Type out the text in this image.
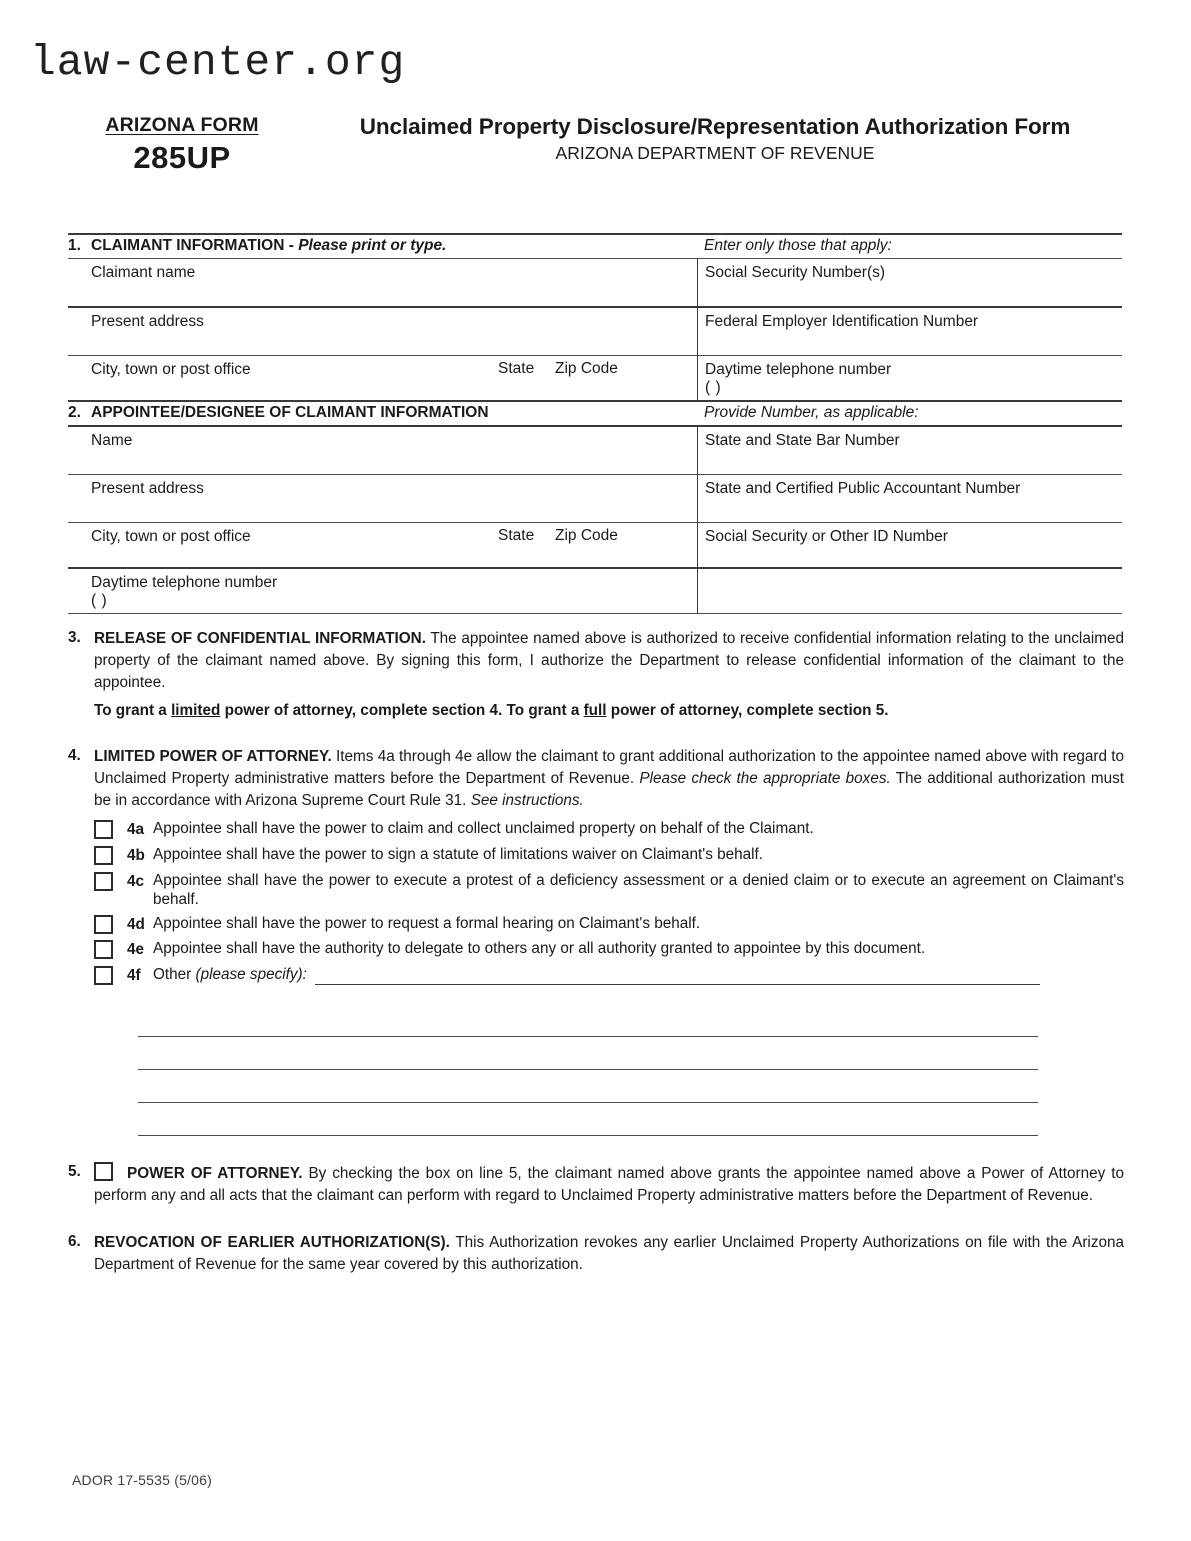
law-center.org
ARIZONA FORM
285UP
Unclaimed Property Disclosure/Representation Authorization Form
ARIZONA DEPARTMENT OF REVENUE
1. CLAIMANT INFORMATION - Please print or type.	Enter only those that apply:
Claimant name	Social Security Number(s)
Present address	Federal Employer Identification Number
City, town or post office	State Zip Code	Daytime telephone number
( )
2. APPOINTEE/DESIGNEE OF CLAIMANT INFORMATION	Provide Number, as applicable:
Name	State and State Bar Number
Present address	State and Certified Public Accountant Number
City, town or post office	State Zip Code	Social Security or Other ID Number
Daytime telephone number
( )
3. RELEASE OF CONFIDENTIAL INFORMATION. The appointee named above is authorized to receive confidential information relating to the unclaimed property of the claimant named above. By signing this form, I authorize the Department to release confidential information of the claimant to the appointee.
To grant a limited power of attorney, complete section 4. To grant a full power of attorney, complete section 5.
4. LIMITED POWER OF ATTORNEY. Items 4a through 4e allow the claimant to grant additional authorization to the appointee named above with regard to Unclaimed Property administrative matters before the Department of Revenue. Please check the appropriate boxes. The additional authorization must be in accordance with Arizona Supreme Court Rule 31. See instructions.
4a Appointee shall have the power to claim and collect unclaimed property on behalf of the Claimant.
4b Appointee shall have the power to sign a statute of limitations waiver on Claimant's behalf.
4c Appointee shall have the power to execute a protest of a deficiency assessment or a denied claim or to execute an agreement on Claimant's behalf.
4d Appointee shall have the power to request a formal hearing on Claimant's behalf.
4e Appointee shall have the authority to delegate to others any or all authority granted to appointee by this document.
4f Other (please specify):
5.	POWER OF ATTORNEY. By checking the box on line 5, the claimant named above grants the appointee named above a Power of Attorney to perform any and all acts that the claimant can perform with regard to Unclaimed Property administrative matters before the Department of Revenue.
6. REVOCATION OF EARLIER AUTHORIZATION(S). This Authorization revokes any earlier Unclaimed Property Authorizations on file with the Arizona Department of Revenue for the same year covered by this authorization.
ADOR 17-5535 (5/06)
